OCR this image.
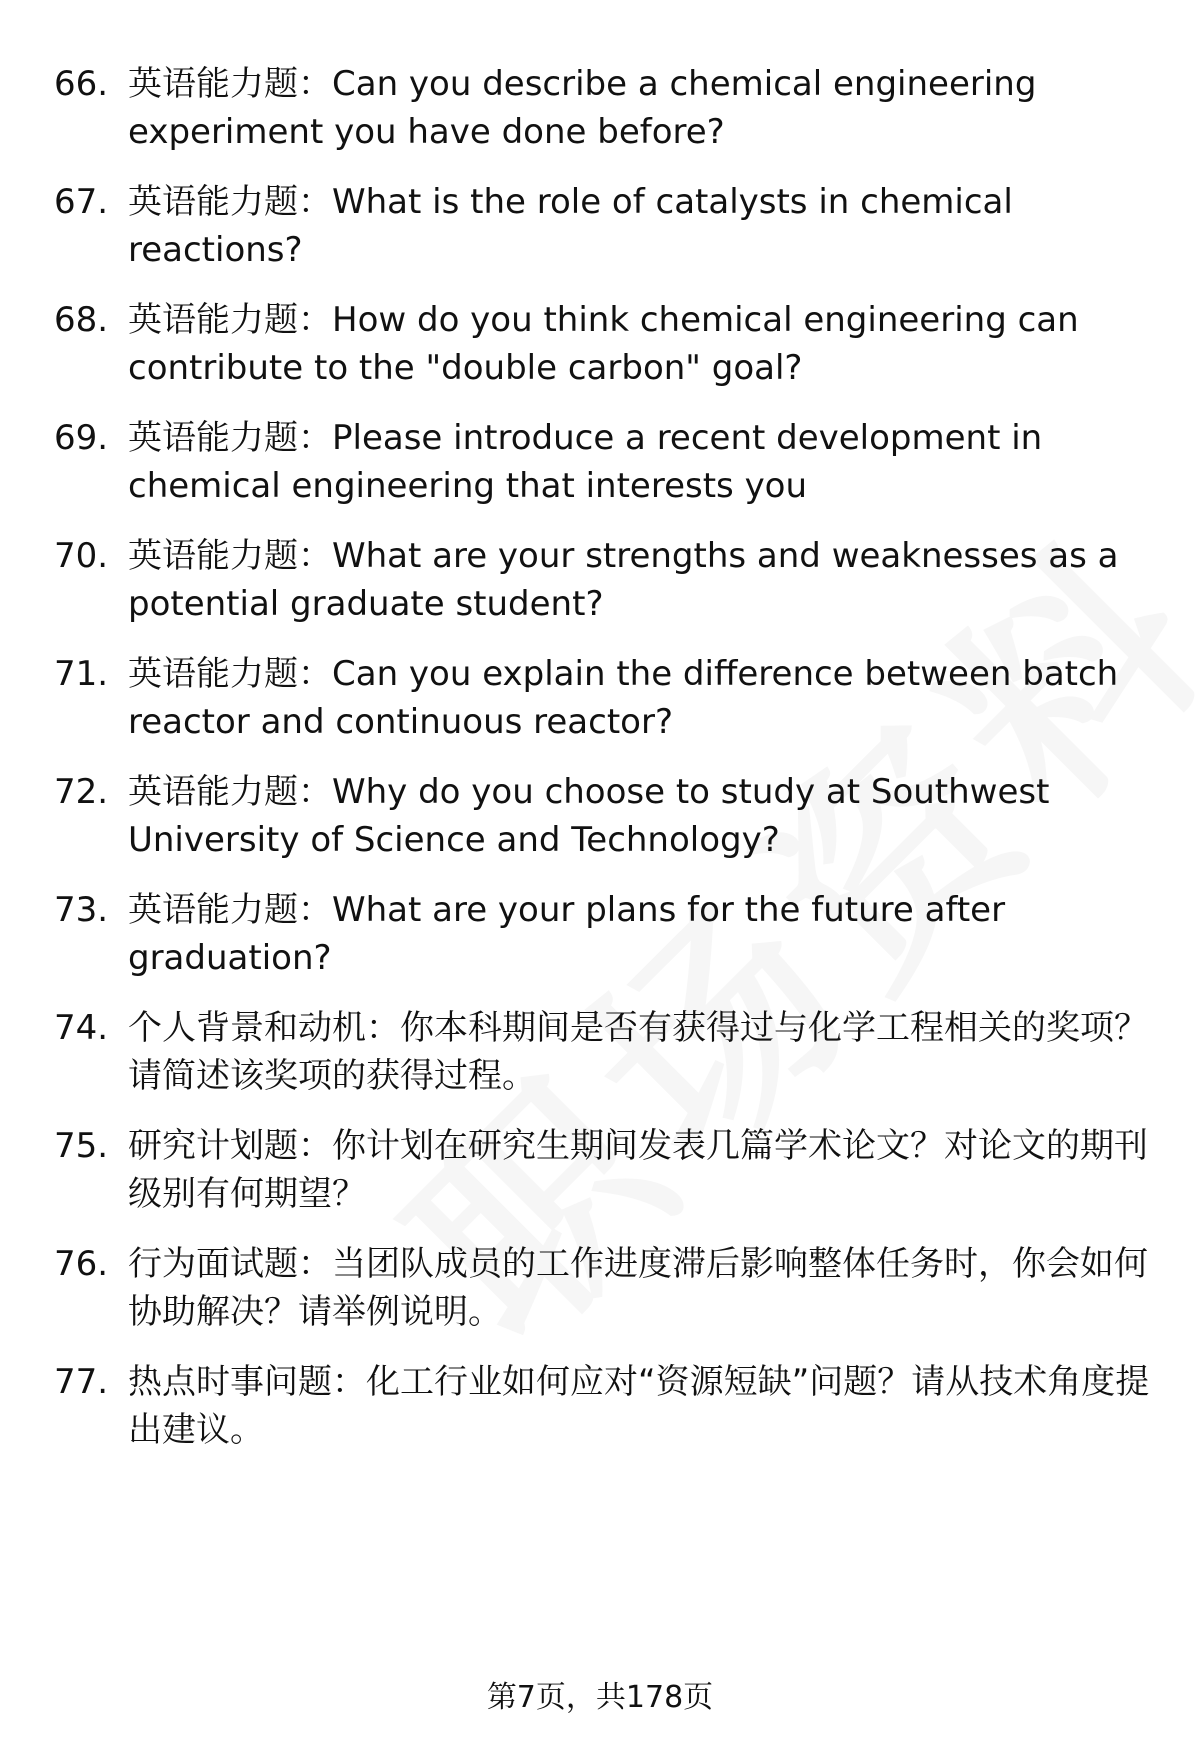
66. 英语能力题：Can you describe a chemical engineering experiment you have done before?
67. 英语能力题：What is the role of catalysts in chemical reactions?
68. 英语能力题：How do you think chemical engineering can contribute to the "double carbon" goal?
69. 英语能力题：Please introduce a recent development in chemical engineering that interests you
70. 英语能力题：What are your strengths and weaknesses as a potential graduate student?
71. 英语能力题：Can you explain the difference between batch reactor and continuous reactor?
72. 英语能力题：Why do you choose to study at Southwest University of Science and Technology?
73. 英语能力题：What are your plans for the future after graduation?
74. 个人背景和动机：你本科期间是否有获得过与化学工程相关的奖项？请简述该奖项的获得过程。
75. 研究计划题：你计划在研究生期间发表几篇学术论文？对论文的期刊级别有何期望？
76. 行为面试题：当团队成员的工作进度滞后影响整体任务时，你会如何协助解决？请举例说明。
77. 热点时事问题：化工行业如何应对“资源短缺”问题？请从技术角度提出建议。
第7页，共178页
